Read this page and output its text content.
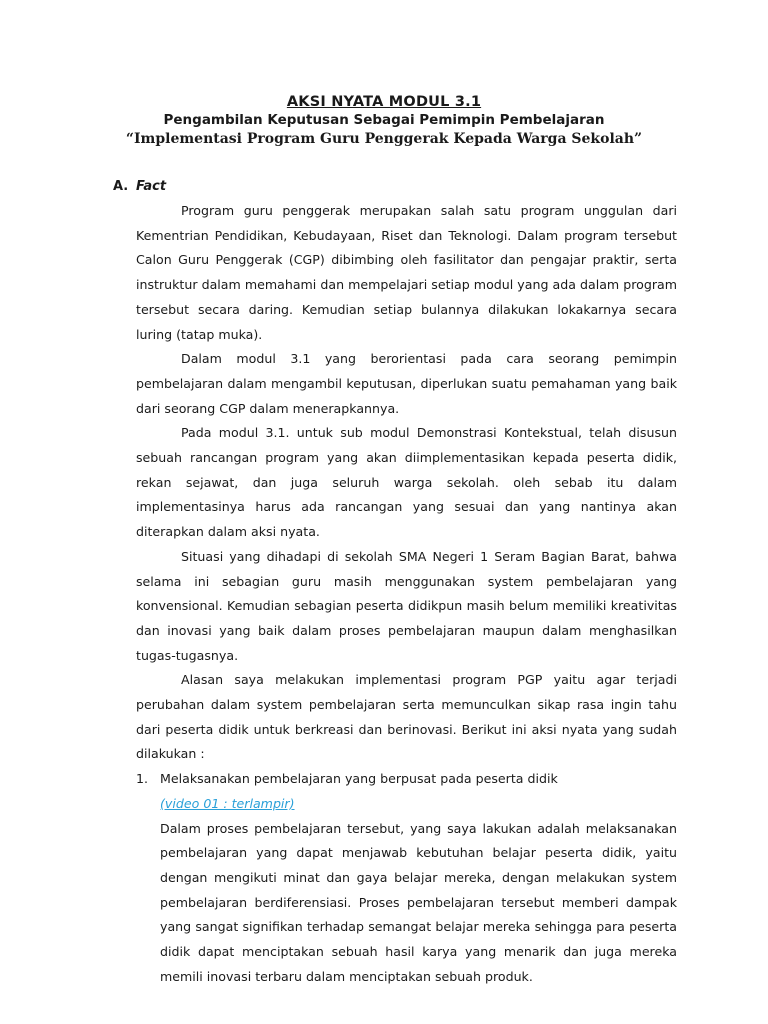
AKSI NYATA MODUL 3.1
Pengambilan Keputusan Sebagai Pemimpin Pembelajaran
“Implementasi Program Guru Penggerak Kepada Warga Sekolah”
A. Fact

Program guru penggerak merupakan salah satu program unggulan dari Kementrian Pendidikan, Kebudayaan, Riset dan Teknologi. Dalam program tersebut Calon Guru Penggerak (CGP) dibimbing oleh fasilitator dan pengajar praktir, serta instruktur dalam memahami dan mempelajari setiap modul yang ada dalam program tersebut secara daring. Kemudian setiap bulannya dilakukan lokakarnya secara luring (tatap muka).

Dalam modul 3.1 yang berorientasi pada cara seorang pemimpin pembelajaran dalam mengambil keputusan, diperlukan suatu pemahaman yang baik dari seorang CGP dalam menerapkannya.

Pada modul 3.1. untuk sub modul Demonstrasi Kontekstual, telah disusun sebuah rancangan program yang akan diimplementasikan kepada peserta didik, rekan sejawat, dan juga seluruh warga sekolah. oleh sebab itu dalam implementasinya harus ada rancangan yang sesuai dan yang nantinya akan diterapkan dalam aksi nyata.

Situasi yang dihadapi di sekolah SMA Negeri 1 Seram Bagian Barat, bahwa selama ini sebagian guru masih menggunakan system pembelajaran yang konvensional. Kemudian sebagian peserta didikpun masih belum memiliki kreativitas dan inovasi yang baik dalam proses pembelajaran maupun dalam menghasilkan tugas-tugasnya.

Alasan saya melakukan implementasi program PGP yaitu agar terjadi perubahan dalam system pembelajaran serta memunculkan sikap rasa ingin tahu dari peserta didik untuk berkreasi dan berinovasi. Berikut ini aksi nyata yang sudah dilakukan :

1. Melaksanakan pembelajaran yang berpusat pada peserta didik
(video 01 : terlampir)

Dalam proses pembelajaran tersebut, yang saya lakukan adalah melaksanakan pembelajaran yang dapat menjawab kebutuhan belajar peserta didik, yaitu dengan mengikuti minat dan gaya belajar mereka, dengan melakukan system pembelajaran berdiferensiasi. Proses pembelajaran tersebut memberi dampak yang sangat signifikan terhadap semangat belajar mereka sehingga para peserta didik dapat menciptakan sebuah hasil karya yang menarik dan juga mereka memili inovasi terbaru dalam menciptakan sebuah produk.
